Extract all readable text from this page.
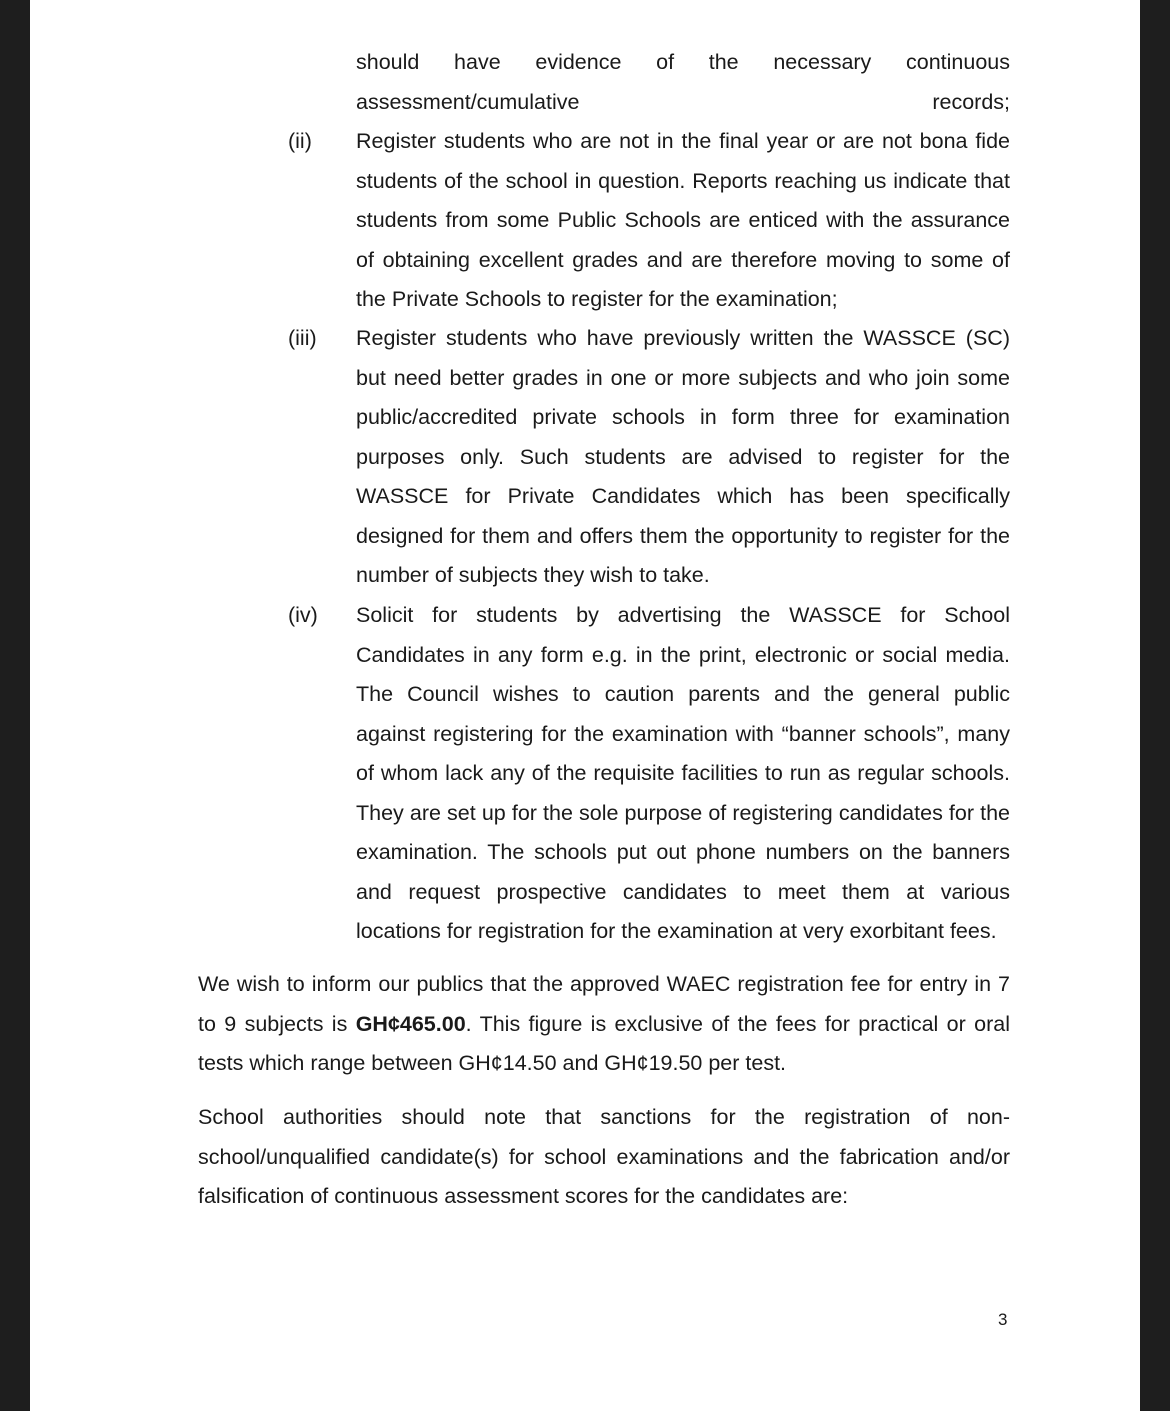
should have evidence of the necessary continuous assessment/cumulative records;

(ii) Register students who are not in the final year or are not bona fide students of the school in question. Reports reaching us indicate that students from some Public Schools are enticed with the assurance of obtaining excellent grades and are therefore moving to some of the Private Schools to register for the examination;

(iii) Register students who have previously written the WASSCE (SC) but need better grades in one or more subjects and who join some public/accredited private schools in form three for examination purposes only. Such students are advised to register for the WASSCE for Private Candidates which has been specifically designed for them and offers them the opportunity to register for the number of subjects they wish to take.

(iv) Solicit for students by advertising the WASSCE for School Candidates in any form e.g. in the print, electronic or social media. The Council wishes to caution parents and the general public against registering for the examination with “banner schools”, many of whom lack any of the requisite facilities to run as regular schools. They are set up for the sole purpose of registering candidates for the examination. The schools put out phone numbers on the banners and request prospective candidates to meet them at various locations for registration for the examination at very exorbitant fees.

We wish to inform our publics that the approved WAEC registration fee for entry in 7 to 9 subjects is GH¢465.00. This figure is exclusive of the fees for practical or oral tests which range between GH¢14.50 and GH¢19.50 per test.

School authorities should note that sanctions for the registration of non-school/unqualified candidate(s) for school examinations and the fabrication and/or falsification of continuous assessment scores for the candidates are:

3
